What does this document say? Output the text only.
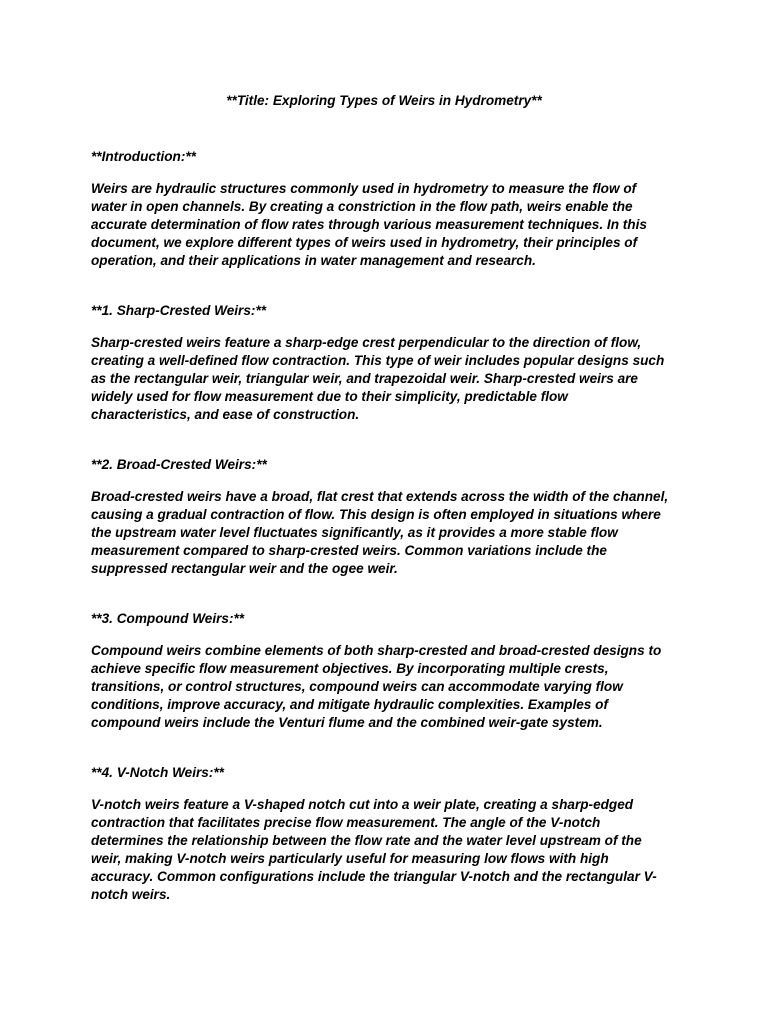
**Title: Exploring Types of Weirs in Hydrometry**
**Introduction:**

Weirs are hydraulic structures commonly used in hydrometry to measure the flow of
water in open channels. By creating a constriction in the flow path, weirs enable the
accurate determination of flow rates through various measurement techniques. In this
document, we explore different types of weirs used in hydrometry, their principles of
operation, and their applications in water management and research.

**1. Sharp-Crested Weirs:**

Sharp-crested weirs feature a sharp-edge crest perpendicular to the direction of flow,
creating a well-defined flow contraction. This type of weir includes popular designs such
as the rectangular weir, triangular weir, and trapezoidal weir. Sharp-crested weirs are
widely used for flow measurement due to their simplicity, predictable flow
characteristics, and ease of construction.

**2. Broad-Crested Weirs:**

Broad-crested weirs have a broad, flat crest that extends across the width of the channel,
causing a gradual contraction of flow. This design is often employed in situations where
the upstream water level fluctuates significantly, as it provides a more stable flow
measurement compared to sharp-crested weirs. Common variations include the
suppressed rectangular weir and the ogee weir.

**3. Compound Weirs:**

Compound weirs combine elements of both sharp-crested and broad-crested designs to
achieve specific flow measurement objectives. By incorporating multiple crests,
transitions, or control structures, compound weirs can accommodate varying flow
conditions, improve accuracy, and mitigate hydraulic complexities. Examples of
compound weirs include the Venturi flume and the combined weir-gate system.

**4. V-Notch Weirs:**

V-notch weirs feature a V-shaped notch cut into a weir plate, creating a sharp-edged
contraction that facilitates precise flow measurement. The angle of the V-notch
determines the relationship between the flow rate and the water level upstream of the
weir, making V-notch weirs particularly useful for measuring low flows with high
accuracy. Common configurations include the triangular V-notch and the rectangular V-
notch weirs.
